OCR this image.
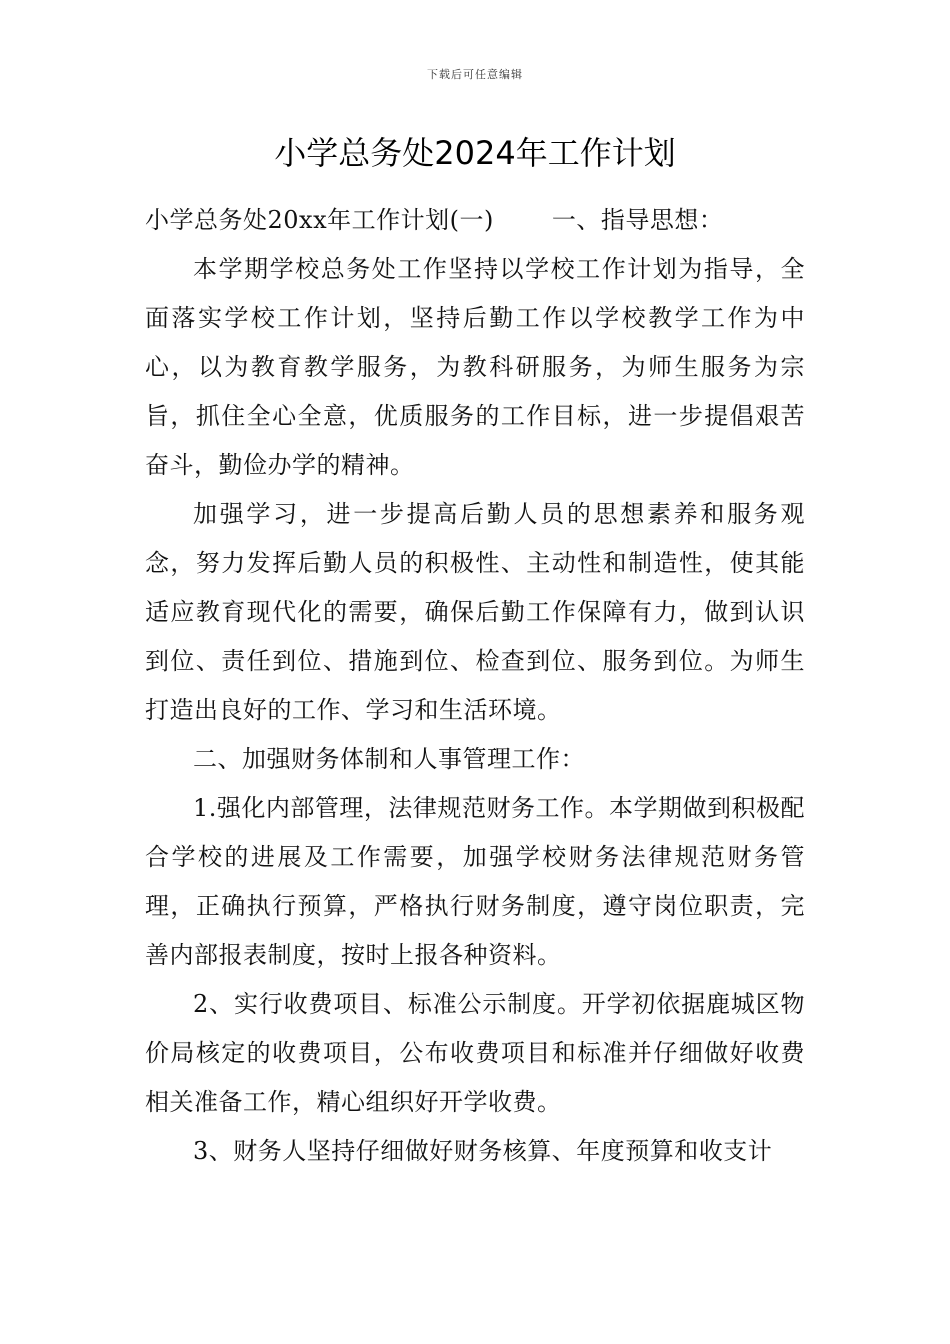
下载后可任意编辑
小学总务处2024年工作计划

小学总务处20xx年工作计划(一) 一、指导思想：

本学期学校总务处工作坚持以学校工作计划为指导，全面落实学校工作计划，坚持后勤工作以学校教学工作为中心，以为教育教学服务，为教科研服务，为师生服务为宗旨，抓住全心全意，优质服务的工作目标，进一步提倡艰苦奋斗，勤俭办学的精神。

加强学习，进一步提高后勤人员的思想素养和服务观念，努力发挥后勤人员的积极性、主动性和制造性，使其能适应教育现代化的需要，确保后勤工作保障有力，做到认识到位、责任到位、措施到位、检查到位、服务到位。为师生打造出良好的工作、学习和生活环境。

二、加强财务体制和人事管理工作：

1.强化内部管理，法律规范财务工作。本学期做到积极配合学校的进展及工作需要，加强学校财务法律规范财务管理，正确执行预算，严格执行财务制度，遵守岗位职责，完善内部报表制度，按时上报各种资料。

2、实行收费项目、标准公示制度。开学初依据鹿城区物价局核定的收费项目，公布收费项目和标准并仔细做好收费相关准备工作，精心组织好开学收费。

3、财务人坚持仔细做好财务核算、年度预算和收支计
